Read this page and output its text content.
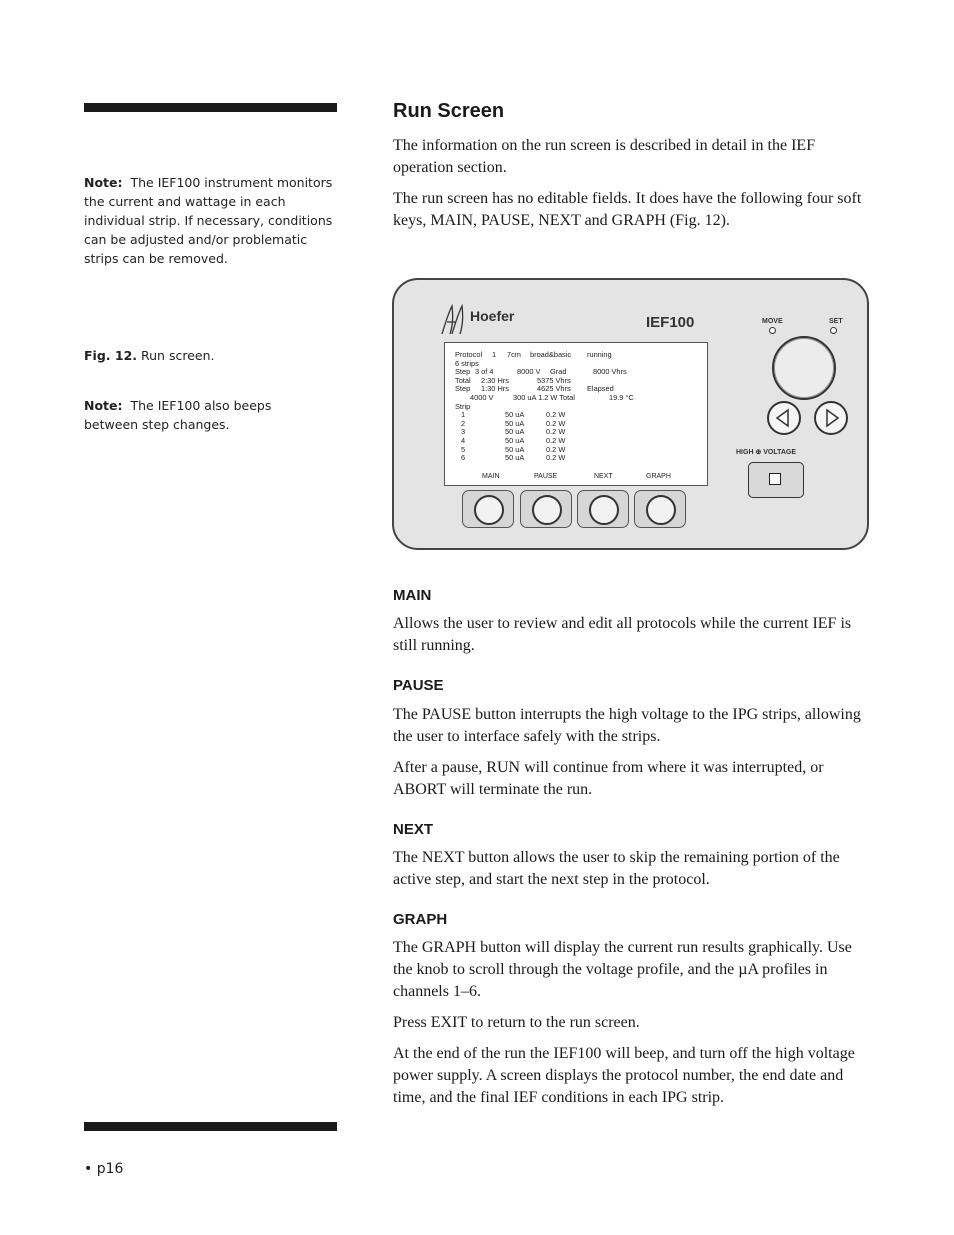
Note: The IEF100 instrument monitors the current and wattage in each individual strip. If necessary, conditions can be adjusted and/or problematic strips can be removed.
Fig. 12. Run screen.
Note: The IEF100 also beeps between step changes.
Run Screen

The information on the run screen is described in detail in the IEF operation section.

The run screen has no editable fields. It does have the following four soft keys, MAIN, PAUSE, NEXT and GRAPH (Fig. 12).

Hoefer	IEF100
Protocol 1 7cm broad&basic running
6 strips
Step 3 of 4	8000 V Grad	8000 Vhrs
Total 2:30 Hrs	5375 Vhrs
Step 1:30 Hrs	4625 Vhrs Elapsed
4000 V	300 uA 1.2 W Total	19.9 °C
Strip
1	50 uA	0.2 W
2	50 uA	0.2 W
3	50 uA	0.2 W
4	50 uA	0.2 W
5	50 uA	0.2 W
6	50 uA	0.2 W
MAIN	PAUSE	NEXT	GRAPH
MOVE	SET
HIGH ⊕ VOLTAGE
MAIN

Allows the user to review and edit all protocols while the current IEF is still running.

PAUSE

The PAUSE button interrupts the high voltage to the IPG strips, allowing the user to interface safely with the strips.

After a pause, RUN will continue from where it was interrupted, or ABORT will terminate the run.

NEXT

The NEXT button allows the user to skip the remaining portion of the active step, and start the next step in the protocol.

GRAPH

The GRAPH button will display the current run results graphically. Use the knob to scroll through the voltage profile, and the µA profiles in channels 1–6.

Press EXIT to return to the run screen.

At the end of the run the IEF100 will beep, and turn off the high voltage power supply. A screen displays the protocol number, the end date and time, and the final IEF conditions in each IPG strip.

• p16
